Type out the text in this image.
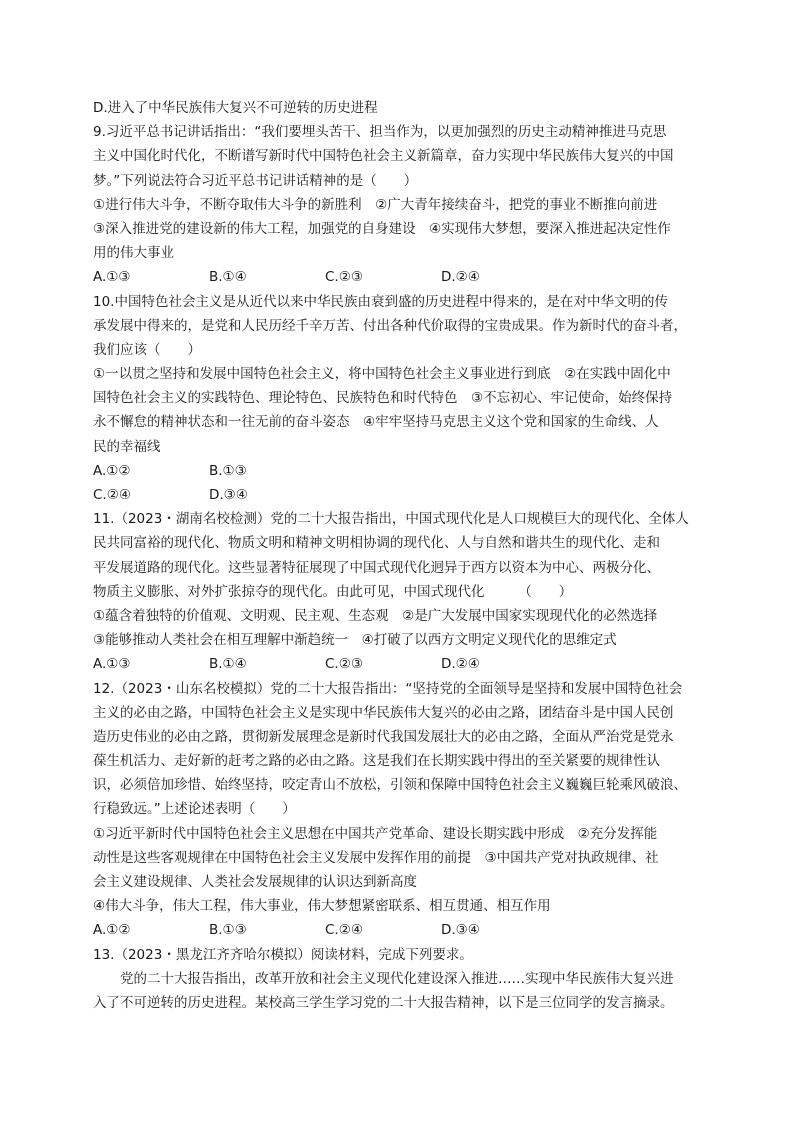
D.进入了中华民族伟大复兴不可逆转的历史进程
9.习近平总书记讲话指出：“我们要埋头苦干、担当作为，以更加强烈的历史主动精神推进马克思
主义中国化时代化，不断谱写新时代中国特色社会主义新篇章，奋力实现中华民族伟大复兴的中国
梦。”下列说法符合习近平总书记讲话精神的是（　　）
①进行伟大斗争，不断夺取伟大斗争的新胜利　②广大青年接续奋斗，把党的事业不断推向前进
③深入推进党的建设新的伟大工程，加强党的自身建设　④实现伟大梦想，要深入推进起决定性作
用的伟大事业
A.①③	B.①④	C.②③	D.②④
10.中国特色社会主义是从近代以来中华民族由衰到盛的历史进程中得来的，是在对中华文明的传
承发展中得来的，是党和人民历经千辛万苦、付出各种代价取得的宝贵成果。作为新时代的奋斗者，
我们应该（　　）
①一以贯之坚持和发展中国特色社会主义，将中国特色社会主义事业进行到底　②在实践中固化中
国特色社会主义的实践特色、理论特色、民族特色和时代特色　③不忘初心、牢记使命，始终保持
永不懈怠的精神状态和一往无前的奋斗姿态　④牢牢坚持马克思主义这个党和国家的生命线、人
民的幸福线
A.①②	B.①③
C.②④	D.③④
11.（2023・湖南名校检测）党的二十大报告指出，中国式现代化是人口规模巨大的现代化、全体人
民共同富裕的现代化、物质文明和精神文明相协调的现代化、人与自然和谐共生的现代化、走和
平发展道路的现代化。这些显著特征展现了中国式现代化迥异于西方以资本为中心、两极分化、
物质主义膨胀、对外扩张掠夺的现代化。由此可见，中国式现代化　　　（　　）
①蕴含着独特的价值观、文明观、民主观、生态观　②是广大发展中国家实现现代化的必然选择
③能够推动人类社会在相互理解中渐趋统一　④打破了以西方文明定义现代化的思维定式
A.①③	B.①④	C.②③	D.②④
12.（2023・山东名校模拟）党的二十大报告指出：“坚持党的全面领导是坚持和发展中国特色社会
主义的必由之路，中国特色社会主义是实现中华民族伟大复兴的必由之路，团结奋斗是中国人民创
造历史伟业的必由之路，贯彻新发展理念是新时代我国发展壮大的必由之路，全面从严治党是党永
葆生机活力、走好新的赶考之路的必由之路。这是我们在长期实践中得出的至关紧要的规律性认
识，必须倍加珍惜、始终坚持，咬定青山不放松，引领和保障中国特色社会主义巍巍巨轮乘风破浪、
行稳致远。”上述论述表明（　　）
①习近平新时代中国特色社会主义思想在中国共产党革命、建设长期实践中形成　②充分发挥能
动性是这些客观规律在中国特色社会主义发展中发挥作用的前提　③中国共产党对执政规律、社
会主义建设规律、人类社会发展规律的认识达到新高度
④伟大斗争，伟大工程，伟大事业，伟大梦想紧密联系、相互贯通、相互作用
A.①②	B.①③	C.②④	D.③④
13.（2023・黑龙江齐齐哈尔模拟）阅读材料，完成下列要求。
党的二十大报告指出，改革开放和社会主义现代化建设深入推进……实现中华民族伟大复兴进
入了不可逆转的历史进程。某校高三学生学习党的二十大报告精神，以下是三位同学的发言摘录。
